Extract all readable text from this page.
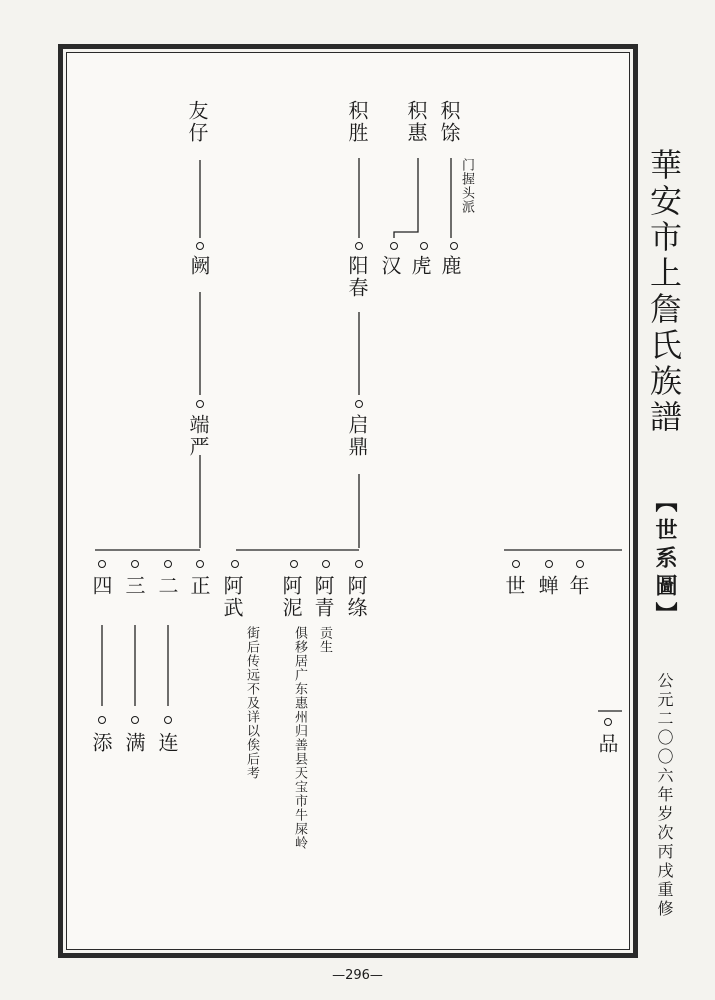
華安市上詹氏族譜
【世系圖】
公元二〇〇六年岁次丙戌重修
友仔	积胜 积惠 积馀
门握头派
阙	阳春 汉 虎 鹿
端严	启鼎
四 三 二 正 阿武 阿泥 阿青 阿绦
贡生
俱移居广东惠州归善县天宝市牛屎岭
街后传远不及详以俟后考
添 满 连
世 蝉 年
品
—296—
